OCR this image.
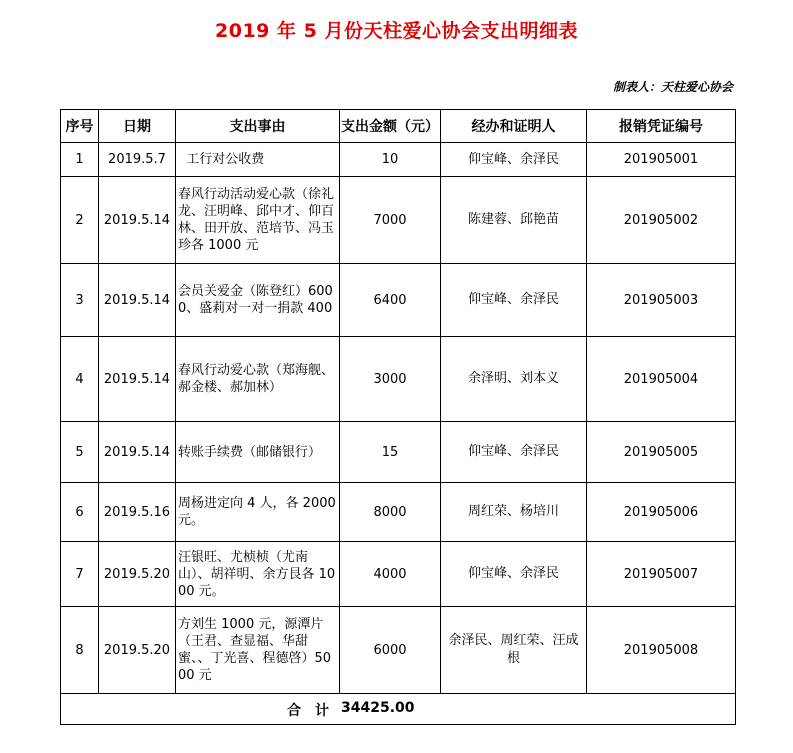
2019 年 5 月份天柱爱心协会支出明细表
制表人：天柱爱心协会
序号	日期	支出事由	支出金额（元）	经办和证明人	报销凭证编号
1	2019.5.7	工行对公收费	10	仰宝峰、余泽民	201905001
2	2019.5.14	春风行动活动爱心款（徐礼龙、汪明峰、邱中才、仰百林、田开放、范培节、冯玉珍各 1000 元	7000	陈建蓉、邱艳苗	201905002
3	2019.5.14	会员关爱金（陈登红）6000、盛莉对一对一捐款 400	6400	仰宝峰、余泽民	201905003
4	2019.5.14	春风行动爱心款（郑海舰、郝金楼、郝加林）	3000	余泽明、刘本义	201905004
5	2019.5.14	转账手续费（邮储银行）	15	仰宝峰、余泽民	201905005
6	2019.5.16	周杨进定向 4 人，各 2000 元。	8000	周红荣、杨培川	201905006
7	2019.5.20	汪银旺、尤桢桢（尤南山）、胡祥明、余方艮各 1000 元。	4000	仰宝峰、余泽民	201905007
8	2019.5.20	方刘生 1000 元，源潭片（王君、查显福、华甜蜜、、丁光喜、程德啓）5000 元	6000	余泽民、周红荣、汪成根	201905008

合　计 34425.00					
